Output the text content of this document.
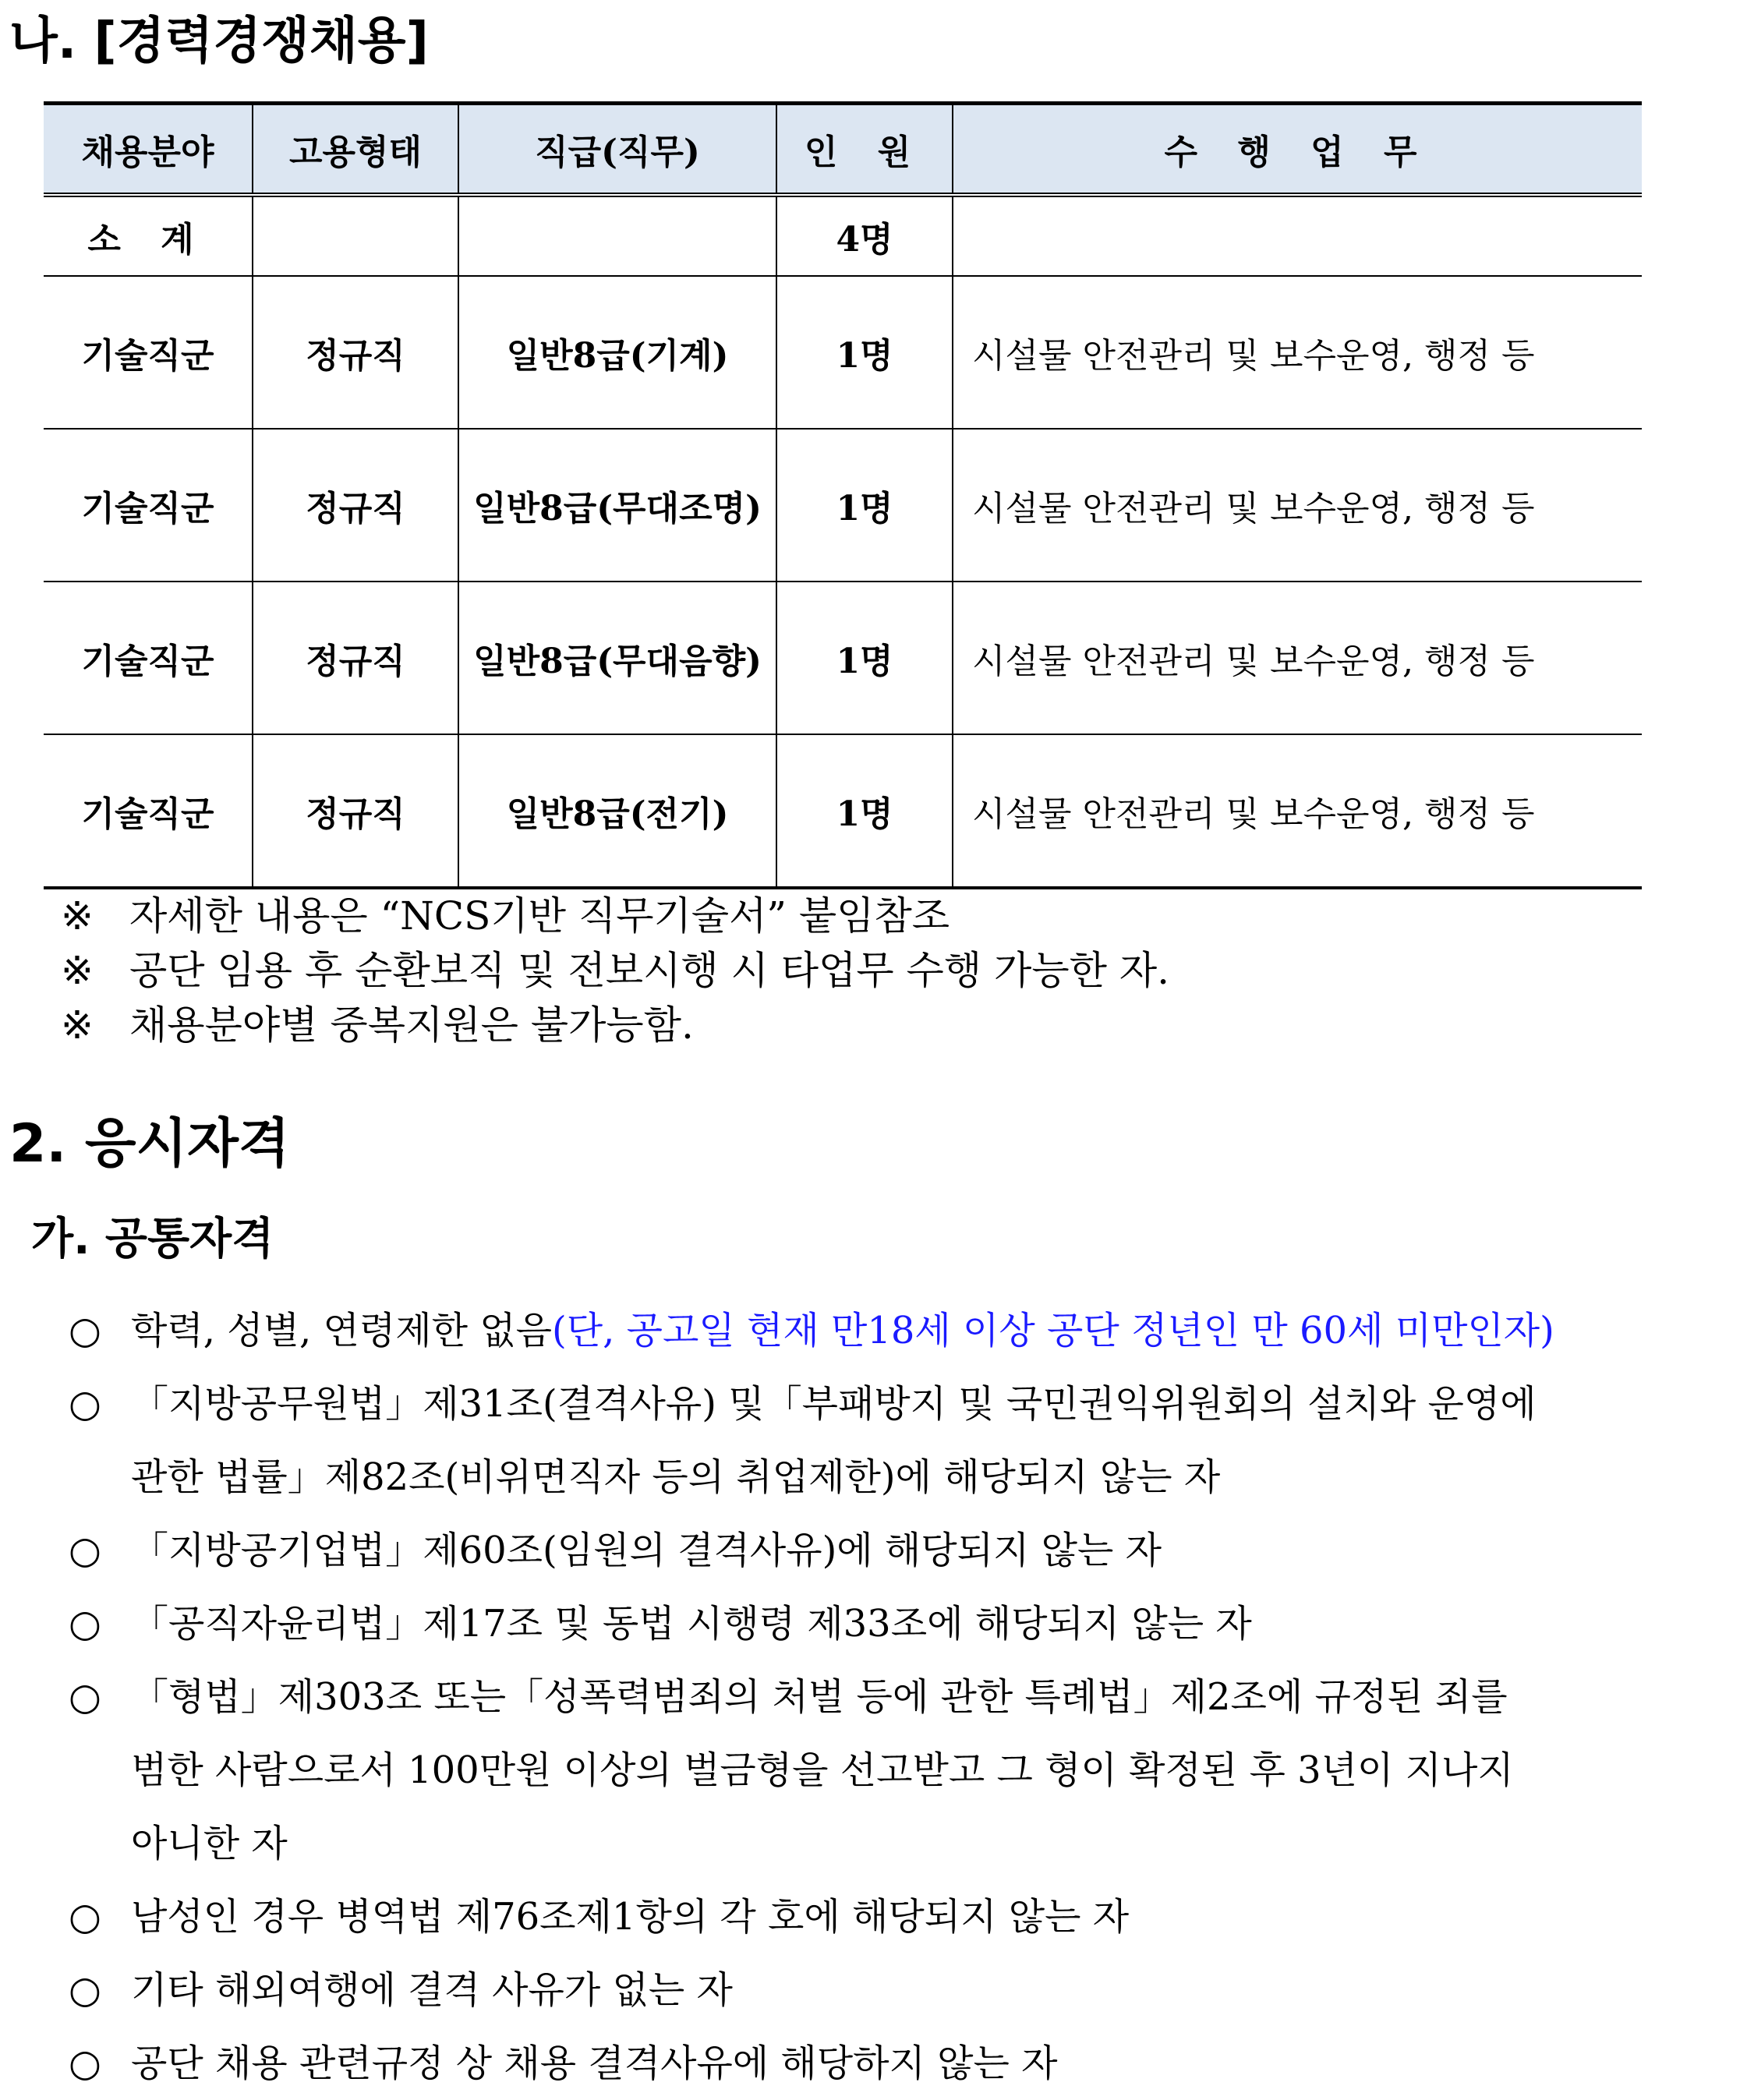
나. [경력경쟁채용]
채용분야	고용형태	직급(직무)	인 원	수 행 업 무
소 계			4명	
기술직군	정규직	일반8급(기계)	1명	시설물 안전관리 및 보수운영, 행정 등
기술직군	정규직	일반8급(무대조명)	1명	시설물 안전관리 및 보수운영, 행정 등
기술직군	정규직	일반8급(무대음향)	1명	시설물 안전관리 및 보수운영, 행정 등
기술직군	정규직	일반8급(전기)	1명	시설물 안전관리 및 보수운영, 행정 등
※ 자세한 내용은 “NCS기반 직무기술서” 붙임참조
※ 공단 임용 후 순환보직 및 전보시행 시 타업무 수행 가능한 자.
※ 채용분야별 중복지원은 불가능함.
2. 응시자격
가. 공통자격
○ 학력, 성별, 연령제한 없음(단, 공고일 현재 만18세 이상 공단 정년인 만 60세 미만인자)
○ 「지방공무원법」제31조(결격사유) 및「부패방지 및 국민권익위원회의 설치와 운영에
관한 법률」제82조(비위면직자 등의 취업제한)에 해당되지 않는 자
○ 「지방공기업법」제60조(임원의 결격사유)에 해당되지 않는 자
○ 「공직자윤리법」제17조 및 동법 시행령 제33조에 해당되지 않는 자
○ 「형법」제303조 또는「성폭력범죄의 처벌 등에 관한 특례법」제2조에 규정된 죄를
범한 사람으로서 100만원 이상의 벌금형을 선고받고 그 형이 확정된 후 3년이 지나지
아니한 자
○ 남성인 경우 병역법 제76조제1항의 각 호에 해당되지 않는 자
○ 기타 해외여행에 결격 사유가 없는 자
○ 공단 채용 관련규정 상 채용 결격사유에 해당하지 않는 자
